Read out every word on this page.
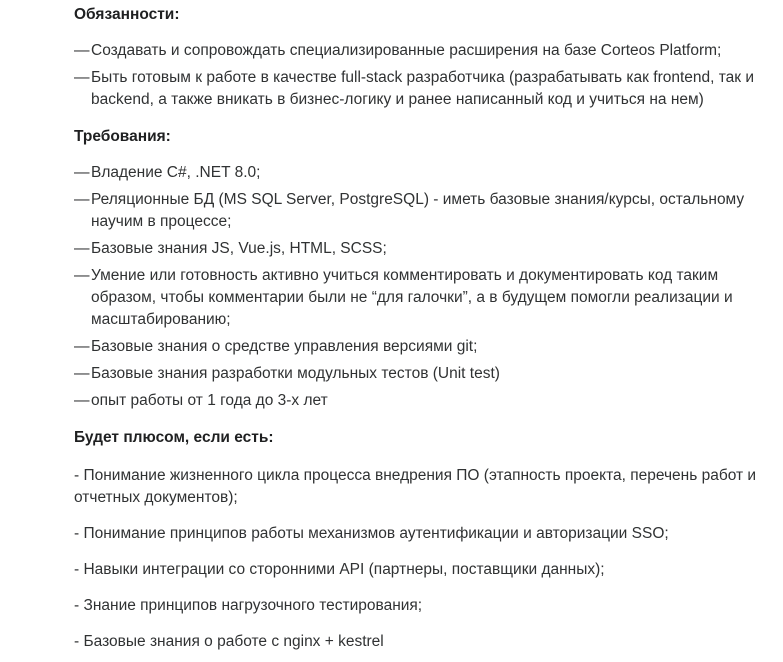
Обязанности:

— Создавать и сопровождать специализированные расширения на базе Corteos Platform;
— Быть готовым к работе в качестве full-stack разработчика (разрабатывать как frontend, так и backend, а также вникать в бизнес-логику и ранее написанный код и учиться на нем)

Требования:

— Владение C#, .NET 8.0;
— Реляционные БД (MS SQL Server, PostgreSQL) - иметь базовые знания/курсы, остальному научим в процессе;
— Базовые знания JS, Vue.js, HTML, SCSS;
— Умение или готовность активно учиться комментировать и документировать код таким образом, чтобы комментарии были не “для галочки”, а в будущем помогли реализации и масштабированию;
— Базовые знания о средстве управления версиями git;
— Базовые знания разработки модульных тестов (Unit test)
— опыт работы от 1 года до 3-х лет

Будет плюсом, если есть:

- Понимание жизненного цикла процесса внедрения ПО (этапность проекта, перечень работ и отчетных документов);

- Понимание принципов работы механизмов аутентификации и авторизации SSO;

- Навыки интеграции со сторонними API (партнеры, поставщики данных);

- Знание принципов нагрузочного тестирования;

- Базовые знания о работе с nginx + kestrel
